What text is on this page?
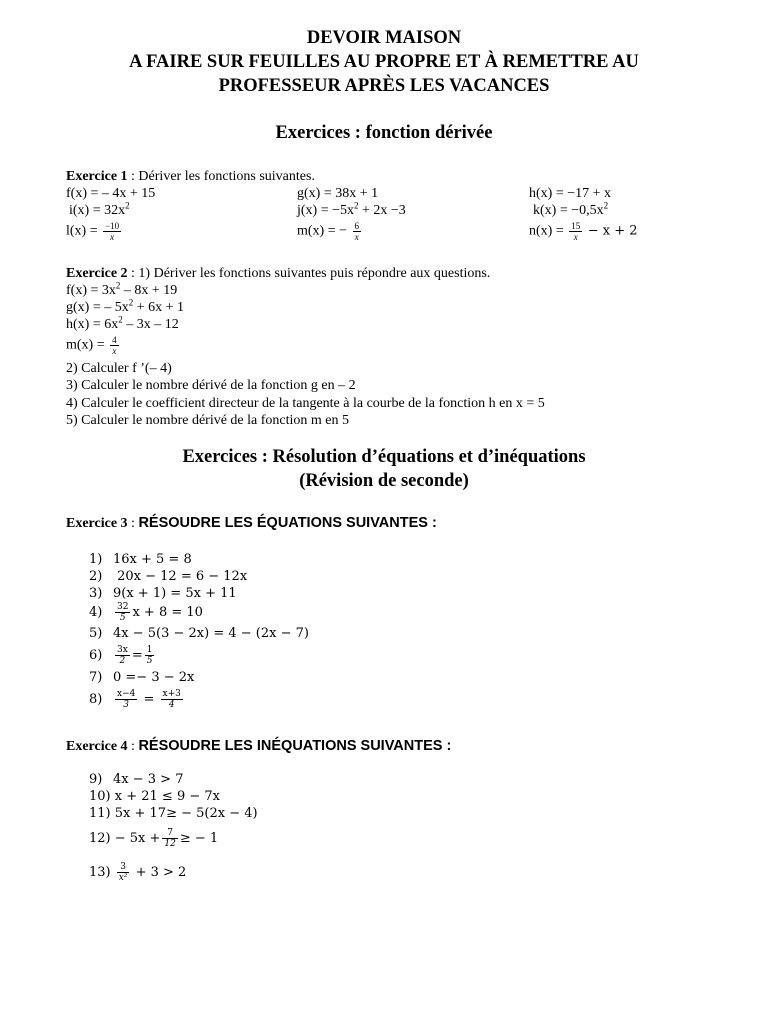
DEVOIR MAISON
A FAIRE SUR FEUILLES AU PROPRE ET À REMETTRE AU
PROFESSEUR APRÈS LES VACANCES
Exercices : fonction dérivée
Exercice 1 : Dériver les fonctions suivantes.
f(x) = – 4x + 15	g(x) = 38x + 1	h(x) = −17 + x
$i(x) = 32x^2$	$j(x) = -5x^2 + 2x -3$	$k(x) = -0,5x^2$
$l(x) = \frac{-10}{x}$	m(x) = − $\frac{6}{x}$	$n(x) = \frac{15}{x} - x + 2$
Exercice 2 : 1) Dériver les fonctions suivantes puis répondre aux questions.
$f(x) = 3x^2 - 8x + 19$
g(x) = – $5x^2 + 6x + 1$
$h(x) = 6x^2 - 3x - 12$
$m(x) = \frac{4}{x}$
2) Calculer f ’(– 4)
3) Calculer le nombre dérivé de la fonction g en – 2
4) Calculer le coefficient directeur de la tangente à la courbe de la fonction h en x = 5
5) Calculer le nombre dérivé de la fonction m en 5
Exercices : Résolution d’équations et d’inéquations
(Révision de seconde)
Exercice 3 : RÉSOUDRE LES ÉQUATIONS SUIVANTES :
1) 16x + 5 = 8
2) 20x − 12 = 6 − 12x
3) 9(x + 1) = 5x + 11
$4) \frac{32}{5}$ x + 8 = 10
5) 4x − 5(3 − 2x) = 4 − (2x − 7)
$6) \frac{3x}{2} = \frac{1}{5}$
7) 0 =− 3 − 2x
$8) \frac{x-4}{3} = \frac{x+3}{4}$
Exercice 4 : RÉSOUDRE LES INÉQUATIONS SUIVANTES :
9) 4x − 3 > 7
10) x + 21 ≤ 9 − 7x
11) 5x + 17≥ − 5(2x − 4)
$12) - 5x + \frac{7}{12}$ ≥ − 1
$13) \frac{3}{\text{x²}} + 3 > 2$
